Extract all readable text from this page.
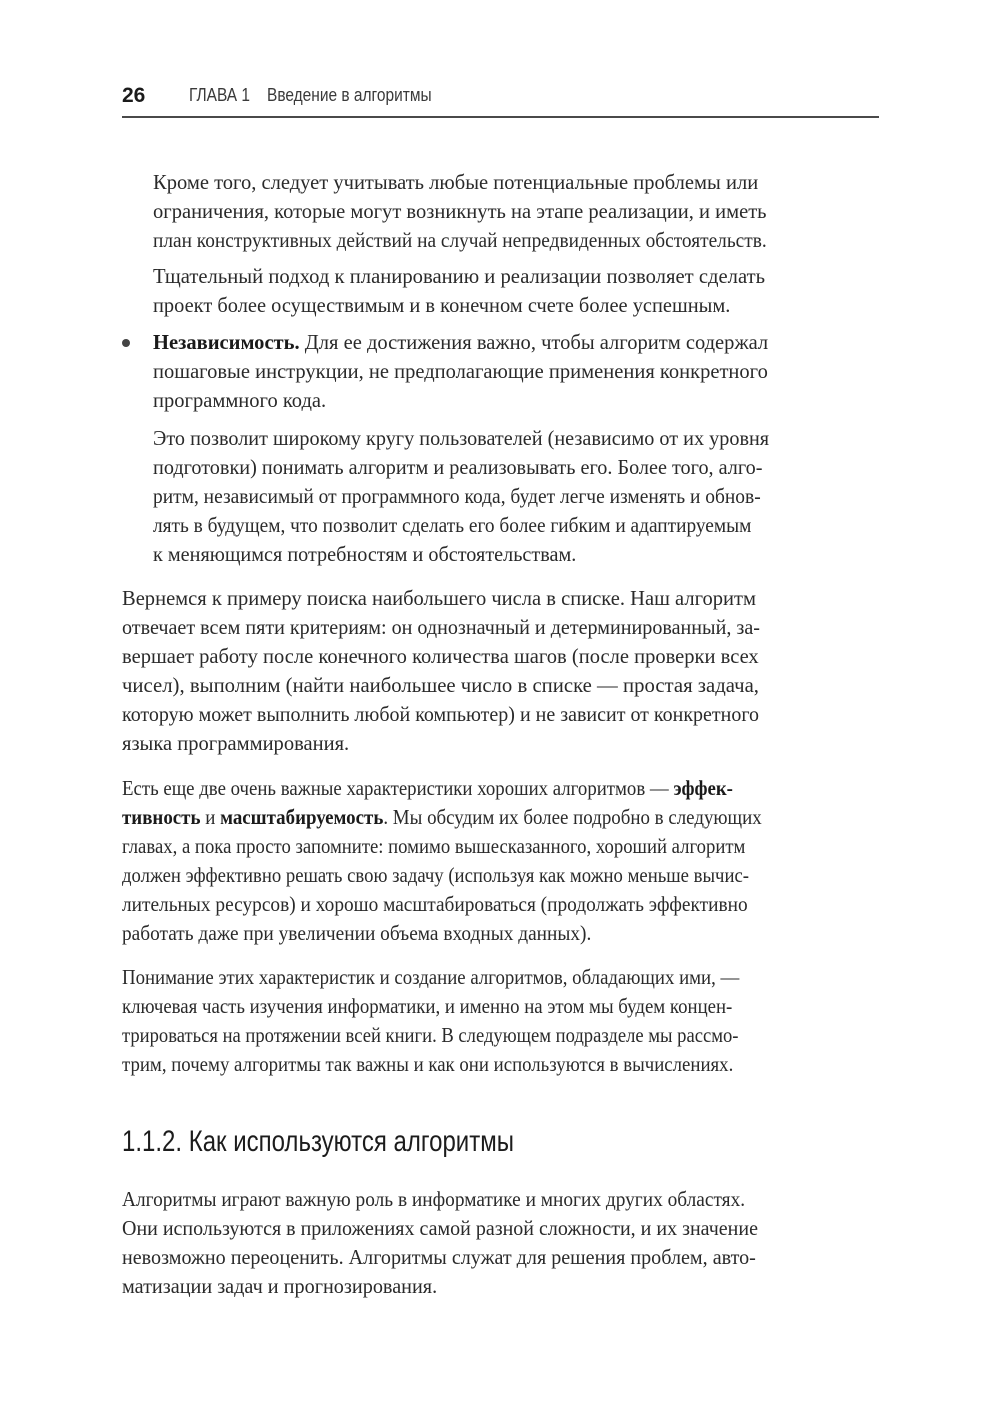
26 ГЛАВА 1 Введение в алгоритмы
Кроме того, следует учитывать любые потенциальные проблемы или
ограничения, которые могут возникнуть на этапе реализации, и иметь
план конструктивных действий на случай непредвиденных обстоятельств.
Тщательный подход к планированию и реализации позволяет сделать
проект более осуществимым и в конечном счете более успешным.
Независимость. Для ее достижения важно, чтобы алгоритм содержал
пошаговые инструкции, не предполагающие применения конкретного
программного кода.
Это позволит широкому кругу пользователей (независимо от их уровня
подготовки) понимать алгоритм и реализовывать его. Более того, алго-
ритм, независимый от программного кода, будет легче изменять и обнов-
лять в будущем, что позволит сделать его более гибким и адаптируемым
к меняющимся потребностям и обстоятельствам.
Вернемся к примеру поиска наибольшего числа в списке. Наш алгоритм
отвечает всем пяти критериям: он однозначный и детерминированный, за-
вершает работу после конечного количества шагов (после проверки всех
чисел), выполним (найти наибольшее число в списке — простая задача,
которую может выполнить любой компьютер) и не зависит от конкретного
языка программирования.
Есть еще две очень важные характеристики хороших алгоритмов — эффек-
тивность и масштабируемость. Мы обсудим их более подробно в следующих
главах, а пока просто запомните: помимо вышесказанного, хороший алгоритм
должен эффективно решать свою задачу (используя как можно меньше вычис-
лительных ресурсов) и хорошо масштабироваться (продолжать эффективно
работать даже при увеличении объема входных данных).
Понимание этих характеристик и создание алгоритмов, обладающих ими, —
ключевая часть изучения информатики, и именно на этом мы будем концен-
трироваться на протяжении всей книги. В следующем подразделе мы рассмо-
трим, почему алгоритмы так важны и как они используются в вычислениях.
1.1.2. Как используются алгоритмы
Алгоритмы играют важную роль в информатике и многих других областях.
Они используются в приложениях самой разной сложности, и их значение
невозможно переоценить. Алгоритмы служат для решения проблем, авто-
матизации задач и прогнозирования.
